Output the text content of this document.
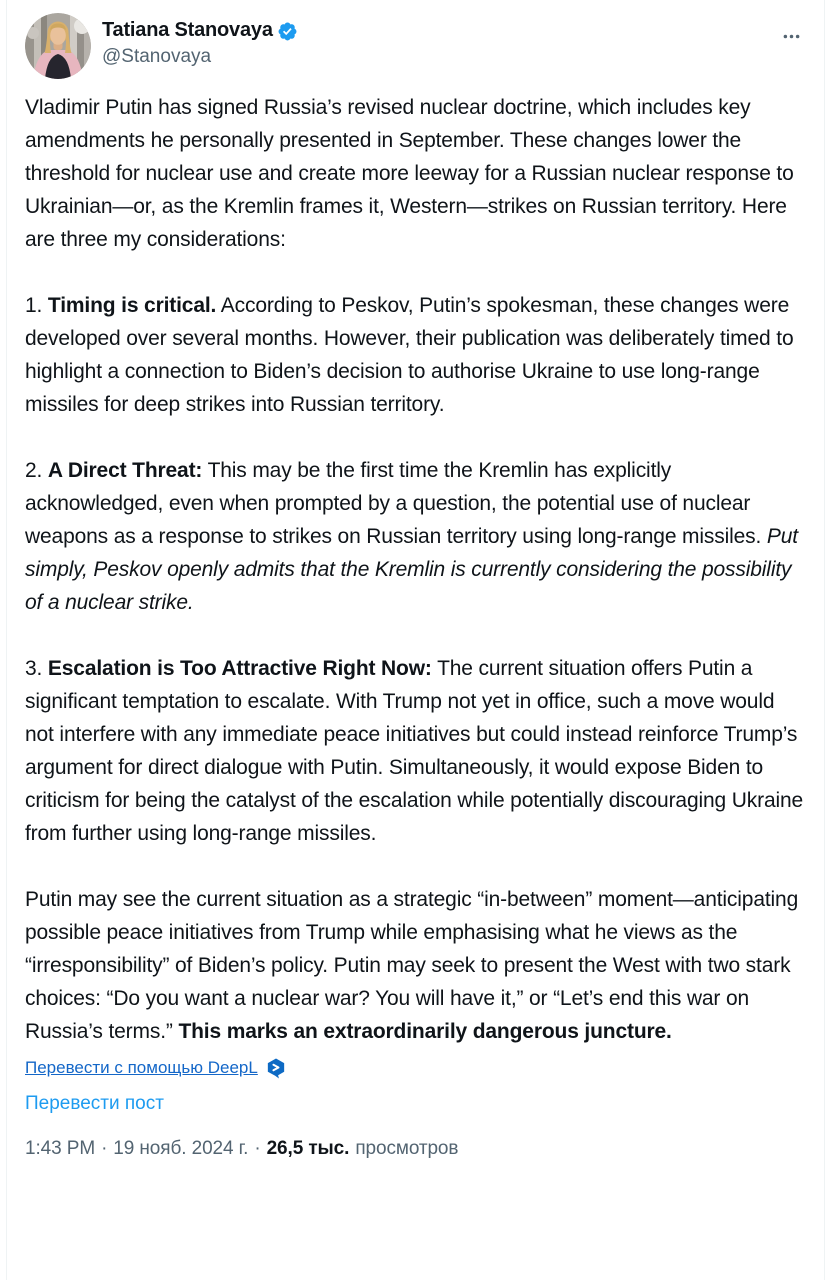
Tatiana Stanovaya
@Stanovaya

Vladimir Putin has signed Russia’s revised nuclear doctrine, which includes key amendments he personally presented in September. These changes lower the threshold for nuclear use and create more leeway for a Russian nuclear response to Ukrainian—or, as the Kremlin frames it, Western—strikes on Russian territory. Here are three my considerations:

1. Timing is critical. According to Peskov, Putin’s spokesman, these changes were developed over several months. However, their publication was deliberately timed to highlight a connection to Biden’s decision to authorise Ukraine to use long-range missiles for deep strikes into Russian territory.

2. A Direct Threat: This may be the first time the Kremlin has explicitly acknowledged, even when prompted by a question, the potential use of nuclear weapons as a response to strikes on Russian territory using long-range missiles. Put simply, Peskov openly admits that the Kremlin is currently considering the possibility of a nuclear strike.

3. Escalation is Too Attractive Right Now: The current situation offers Putin a significant temptation to escalate. With Trump not yet in office, such a move would not interfere with any immediate peace initiatives but could instead reinforce Trump’s argument for direct dialogue with Putin. Simultaneously, it would expose Biden to criticism for being the catalyst of the escalation while potentially discouraging Ukraine from further using long-range missiles.

Putin may see the current situation as a strategic “in-between” moment—anticipating possible peace initiatives from Trump while emphasising what he views as the “irresponsibility” of Biden’s policy. Putin may seek to present the West with two stark choices: “Do you want a nuclear war? You will have it,” or “Let’s end this war on Russia’s terms.” This marks an extraordinarily dangerous juncture.

Перевести с помощью DeepL
Перевести пост
1:43 PM · 19 нояб. 2024 г. · 26,5 тыс. просмотров
